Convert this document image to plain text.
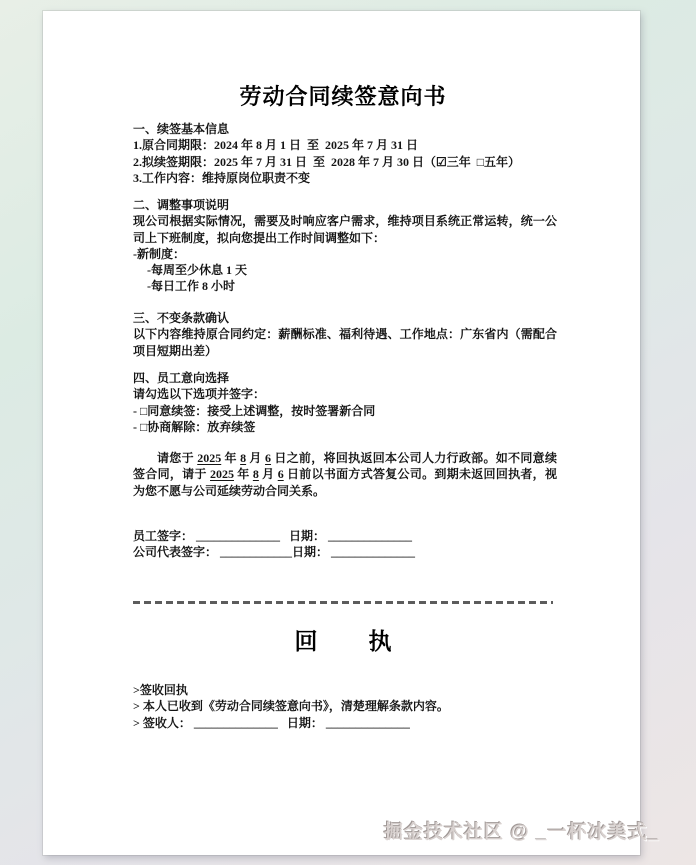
劳动合同续签意向书

一、续签基本信息

1.原合同期限：2024 年 8 月 1 日  至  2025 年 7 月 31 日

2.拟续签期限：2025 年 7 月 31 日  至  2028 年 7 月 30 日（☑三年  □五年）

3.工作内容：维持原岗位职责不变

二、调整事项说明

现公司根据实际情况，需要及时响应客户需求，维持项目系统正常运转，统一公司上下班制度，拟向您提出工作时间调整如下：

-新制度：

-每周至少休息 1 天

-每日工作 8 小时

三、不变条款确认

以下内容维持原合同约定：薪酬标准、福利待遇、工作地点：广东省内（需配合项目短期出差）

四、员工意向选择

请勾选以下选项并签字：

- □同意续签：接受上述调整，按时签署新合同

- □协商解除：放弃续签

请您于 2025 年 8 月 6 日之前，将回执返回本公司人力行政部。如不同意续签合同，请于 2025 年 8 月 6 日前以书面方式答复公司。到期未返回回执者，视为您不愿与公司延续劳动合同关系。

员工签字： ______________   日期： ______________

公司代表签字： ____________日期： ______________

回        执

>签收回执

> 本人已收到《劳动合同续签意向书》，清楚理解条款内容。

> 签收人： ______________   日期： ______________

掘金技术社区 @ _一杯冰美式_
